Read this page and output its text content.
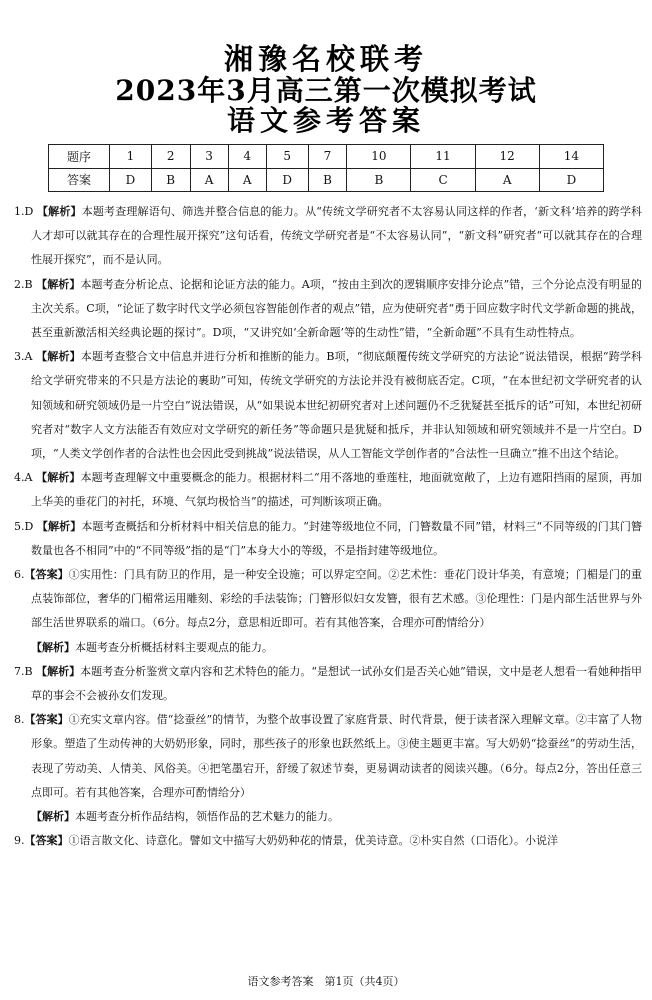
湘豫名校联考
2023年3月高三第一次模拟考试
语文参考答案
题序	1	2	3	4	5	7	10	11	12	14
答案	D	B	A	A	D	B	B	C	A	D

1.D 【解析】本题考查理解语句、筛选并整合信息的能力。从“传统文学研究者不太容易认同这样的作者，‘新文科’培养的跨学科人才却可以就其存在的合理性展开探究”这句话看，传统文学研究者是“不太容易认同”，“新文科”研究者“可以就其存在的合理性展开探究”，而不是认同。

2.B 【解析】本题考查分析论点、论据和论证方法的能力。A项，“按由主到次的逻辑顺序安排分论点”错，三个分论点没有明显的主次关系。C项，“论证了数字时代文学必须包容智能创作者的观点”错，应为使研究者“勇于回应数字时代文学新命题的挑战，甚至重新激活相关经典论题的探讨”。D项，“又讲究如‘全新命题’等的生动性”错，“全新命题”不具有生动性特点。

3.A 【解析】本题考查整合文中信息并进行分析和推断的能力。B项，“彻底颠覆传统文学研究的方法论”说法错误，根据“跨学科给文学研究带来的不只是方法论的裹助”可知，传统文学研究的方法论并没有被彻底否定。C项，“在本世纪初文学研究者的认知领域和研究领域仍是一片空白”说法错误，从“如果说本世纪初研究者对上述问题仍不乏犹疑甚至抵斥的话”可知，本世纪初研究者对“数字人文方法能否有效应对文学研究的新任务”等命题只是犹疑和抵斥，并非认知领域和研究领域并不是一片空白。D项，“人类文学创作者的合法性也会因此受到挑战”说法错误，从人工智能文学创作者的“合法性一旦确立”推不出这个结论。

4.A 【解析】本题考查理解文中重要概念的能力。根据材料二“用不落地的垂莲柱，地面就宽敞了，上边有遮阳挡雨的屋顶，再加上华美的垂花门的衬托，环境、气氛均极恰当”的描述，可判断该项正确。

5.D 【解析】本题考查概括和分析材料中相关信息的能力。“封建等级地位不同，门簪数量不同”错，材料三“不同等级的门其门簪数量也各不相同”中的“不同等级”指的是“门”本身大小的等级，不是指封建等级地位。

6.【答案】①实用性：门具有防卫的作用，是一种安全设施；可以界定空间。②艺术性：垂花门设计华美，有意境；门楣是门的重点装饰部位，奢华的门楣常运用雕刻、彩绘的手法装饰；门簪形似妇女发簪，很有艺术感。③伦理性：门是内部生活世界与外部生活世界联系的端口。（6分。每点2分，意思相近即可。若有其他答案，合理亦可酌情给分）

【解析】本题考查分析概括材料主要观点的能力。

7.B 【解析】本题考查分析鉴赏文章内容和艺术特色的能力。“是想试一试孙女们是否关心她”错误，文中是老人想看一看她种指甲草的事会不会被孙女们发现。

8.【答案】①充实文章内容。借“捻蚕丝”的情节，为整个故事设置了家庭背景、时代背景，便于读者深入理解文章。②丰富了人物形象。塑造了生动传神的大奶奶形象，同时，那些孩子的形象也跃然纸上。③使主题更丰富。写大奶奶“捻蚕丝”的劳动生活，表现了劳动美、人情美、风俗美。④把笔墨宕开，舒缓了叙述节奏，更易调动读者的阅读兴趣。（6分。每点2分，答出任意三点即可。若有其他答案，合理亦可酌情给分）

【解析】本题考查分析作品结构，领悟作品的艺术魅力的能力。

9.【答案】①语言散文化、诗意化。譬如文中描写大奶奶种花的情景，优美诗意。②朴实自然（口语化）。小说洋

语文参考答案　第1页（共4页）
